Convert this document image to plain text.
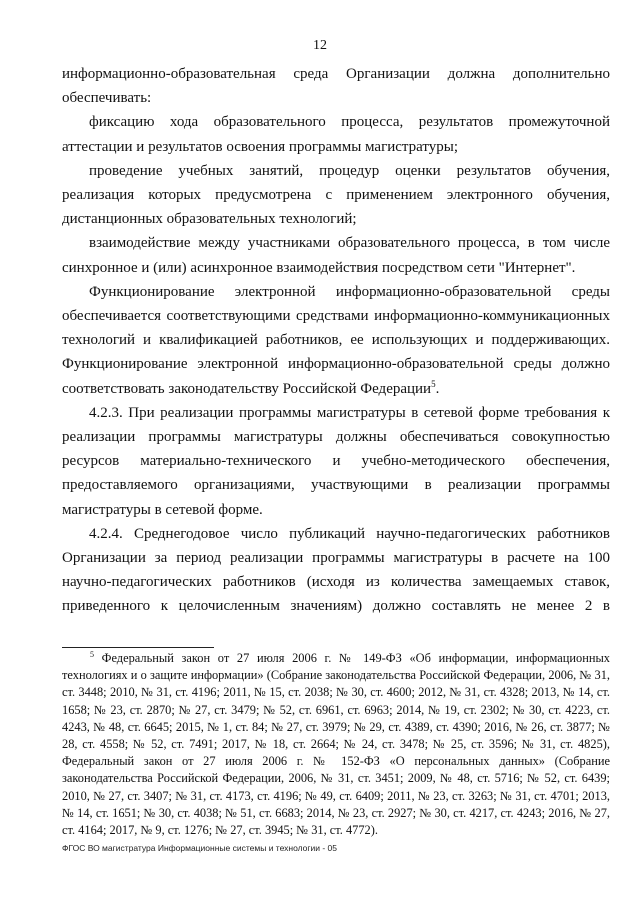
12

информационно-образовательная среда Организации должна дополнительно обеспечивать:

фиксацию хода образовательного процесса, результатов промежуточной аттестации и результатов освоения программы магистратуры;

проведение учебных занятий, процедур оценки результатов обучения, реализация которых предусмотрена с применением электронного обучения, дистанционных образовательных технологий;

взаимодействие между участниками образовательного процесса, в том числе синхронное и (или) асинхронное взаимодействия посредством сети "Интернет".

Функционирование электронной информационно-образовательной среды обеспечивается соответствующими средствами информационно-коммуникационных технологий и квалификацией работников, ее использующих и поддерживающих. Функционирование электронной информационно-образовательной среды должно соответствовать законодательству Российской Федерации$^5$.

4.2.3. При реализации программы магистратуры в сетевой форме требования к реализации программы магистратуры должны обеспечиваться совокупностью ресурсов материально-технического и учебно-методического обеспечения, предоставляемого организациями, участвующими в реализации программы магистратуры в сетевой форме.

4.2.4. Среднегодовое число публикаций научно-педагогических работников Организации за период реализации программы магистратуры в расчете на 100 научно-педагогических работников (исходя из количества замещаемых ставок, приведенного к целочисленным значениям) должно составлять не менее 2 в

$^5$ Федеральный закон от 27 июля 2006 г. № 149-ФЗ «Об информации, информационных технологиях и о защите информации» (Собрание законодательства Российской Федерации, 2006, № 31, ст. 3448; 2010, № 31, ст. 4196; 2011, № 15, ст. 2038; № 30, ст. 4600; 2012, № 31, ст. 4328; 2013, № 14, ст. 1658; № 23, ст. 2870; № 27, ст. 3479; № 52, ст. 6961, ст. 6963; 2014, № 19, ст. 2302; № 30, ст. 4223, ст. 4243, № 48, ст. 6645; 2015, № 1, ст. 84; № 27, ст. 3979; № 29, ст. 4389, ст. 4390; 2016, № 26, ст. 3877; № 28, ст. 4558; № 52, ст. 7491; 2017, № 18, ст. 2664; № 24, ст. 3478; № 25, ст. 3596; № 31, ст. 4825), Федеральный закон от 27 июля 2006 г. № 152-ФЗ «О персональных данных» (Собрание законодательства Российской Федерации, 2006, № 31, ст. 3451; 2009, № 48, ст. 5716; № 52, ст. 6439; 2010, № 27, ст. 3407; № 31, ст. 4173, ст. 4196; № 49, ст. 6409; 2011, № 23, ст. 3263; № 31, ст. 4701; 2013, № 14, ст. 1651; № 30, ст. 4038; № 51, ст. 6683; 2014, № 23, ст. 2927; № 30, ст. 4217, ст. 4243; 2016, № 27, ст. 4164; 2017, № 9, ст. 1276; № 27, ст. 3945; № 31, ст. 4772).

ФГОС ВО магистратура Информационные системы и технологии - 05
